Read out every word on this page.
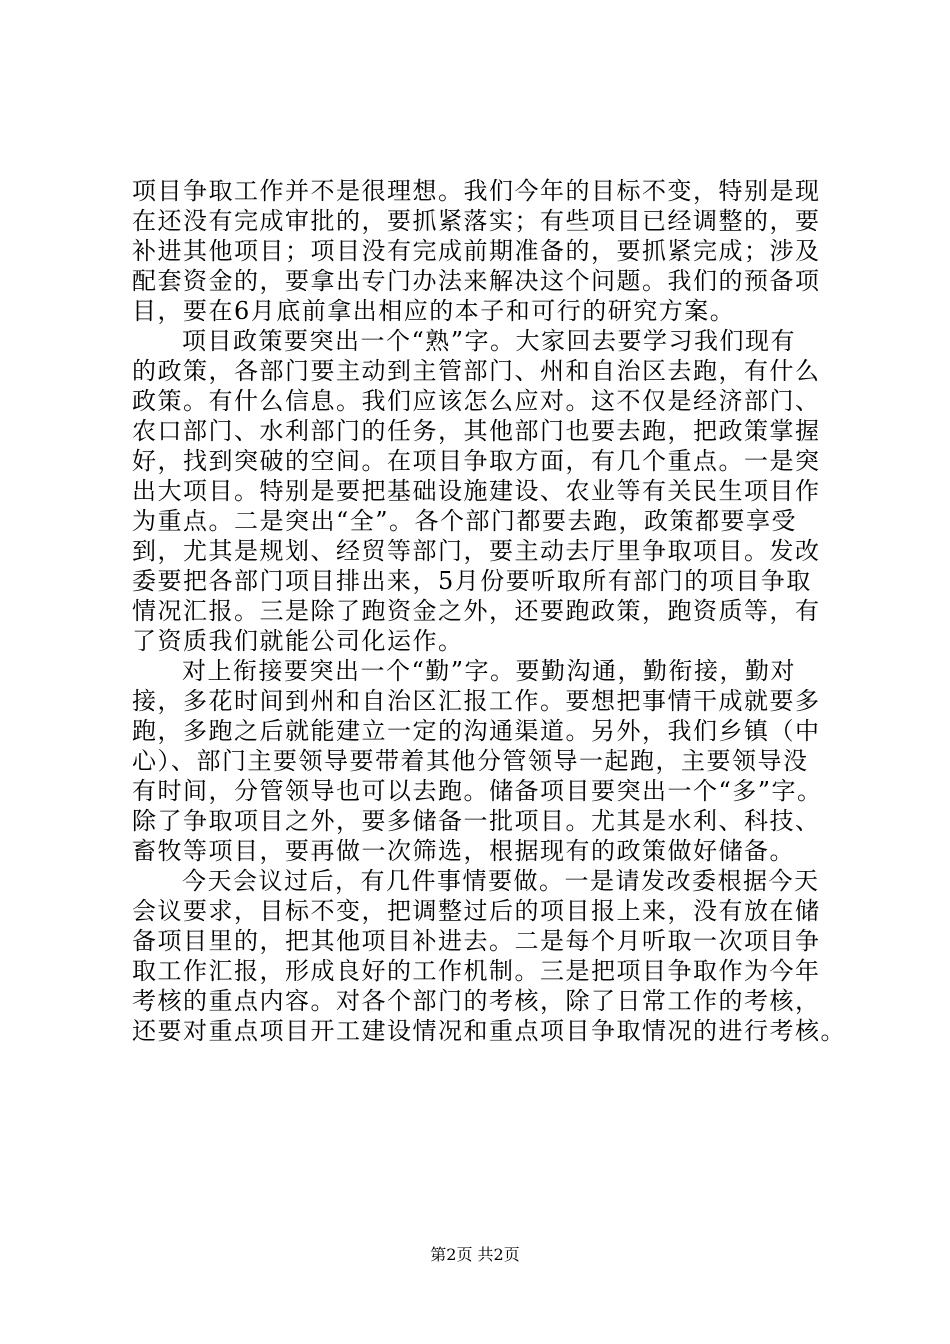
项目争取工作并不是很理想。我们今年的目标不变，特别是现
在还没有完成审批的，要抓紧落实；有些项目已经调整的，要
补进其他项目；项目没有完成前期准备的，要抓紧完成；涉及
配套资金的，要拿出专门办法来解决这个问题。我们的预备项
目，要在6月底前拿出相应的本子和可行的研究方案。
项目政策要突出一个“熟”字。大家回去要学习我们现有
的政策，各部门要主动到主管部门、州和自治区去跑，有什么
政策。有什么信息。我们应该怎么应对。这不仅是经济部门、
农口部门、水利部门的任务，其他部门也要去跑，把政策掌握
好，找到突破的空间。在项目争取方面，有几个重点。一是突
出大项目。特别是要把基础设施建设、农业等有关民生项目作
为重点。二是突出“全”。各个部门都要去跑，政策都要享受
到，尤其是规划、经贸等部门，要主动去厅里争取项目。发改
委要把各部门项目排出来，5月份要听取所有部门的项目争取
情况汇报。三是除了跑资金之外，还要跑政策，跑资质等，有
了资质我们就能公司化运作。
对上衔接要突出一个“勤”字。要勤沟通，勤衔接，勤对
接，多花时间到州和自治区汇报工作。要想把事情干成就要多
跑，多跑之后就能建立一定的沟通渠道。另外，我们乡镇（中
心）、部门主要领导要带着其他分管领导一起跑，主要领导没
有时间，分管领导也可以去跑。储备项目要突出一个“多”字。
除了争取项目之外，要多储备一批项目。尤其是水利、科技、
畜牧等项目，要再做一次筛选，根据现有的政策做好储备。
今天会议过后，有几件事情要做。一是请发改委根据今天
会议要求，目标不变，把调整过后的项目报上来，没有放在储
备项目里的，把其他项目补进去。二是每个月听取一次项目争
取工作汇报，形成良好的工作机制。三是把项目争取作为今年
考核的重点内容。对各个部门的考核，除了日常工作的考核，
还要对重点项目开工建设情况和重点项目争取情况的进行考核。
第2页 共2页
